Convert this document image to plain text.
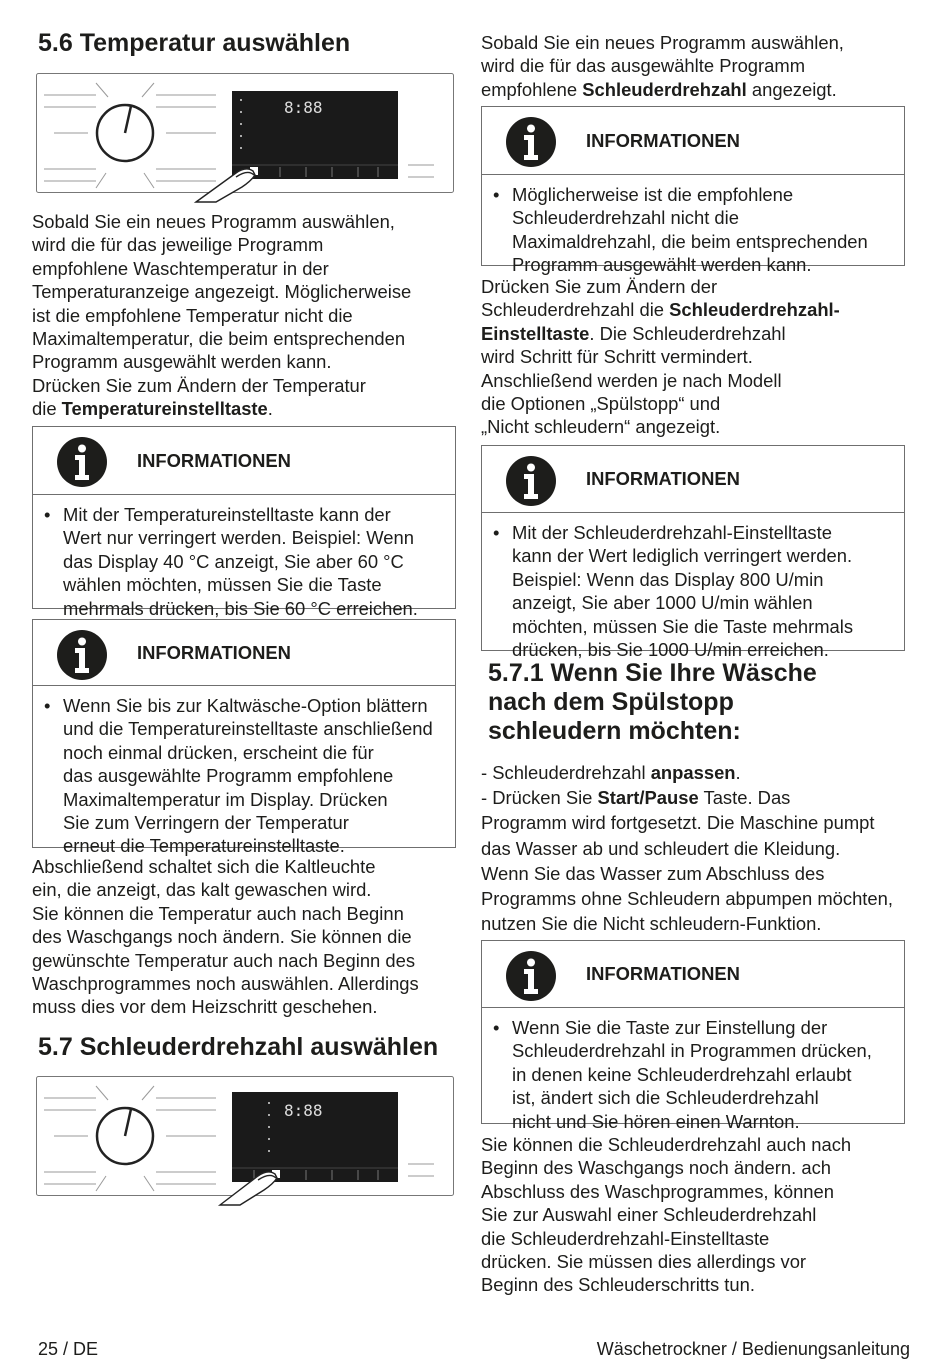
5.6 Temperatur auswählen
8:88

Sobald Sie ein neues Programm auswählen,
wird die für das jeweilige Programm
empfohlene Waschtemperatur in der
Temperaturanzeige angezeigt. Möglicherweise
ist die empfohlene Temperatur nicht die
Maximaltemperatur, die beim entsprechenden
Programm ausgewählt werden kann.
Drücken Sie zum Ändern der Temperatur
die Temperatureinstelltaste.

INFORMATIONEN
• Mit der Temperatureinstelltaste kann der
Wert nur verringert werden. Beispiel: Wenn
das Display 40 °C anzeigt, Sie aber 60 °C
wählen möchten, müssen Sie die Taste
mehrmals drücken, bis Sie 60 °C erreichen.
INFORMATIONEN
• Wenn Sie bis zur Kaltwäsche-Option blättern
und die Temperatureinstelltaste anschließend
noch einmal drücken, erscheint die für
das ausgewählte Programm empfohlene
Maximaltemperatur im Display. Drücken
Sie zum Verringern der Temperatur
erneut die Temperatureinstelltaste.

Abschließend schaltet sich die Kaltleuchte
ein, die anzeigt, das kalt gewaschen wird.
Sie können die Temperatur auch nach Beginn
des Waschgangs noch ändern. Sie können die
gewünschte Temperatur auch nach Beginn des
Waschprogrammes noch auswählen. Allerdings
muss dies vor dem Heizschritt geschehen.

5.7 Schleuderdrehzahl auswählen
8:88

Sobald Sie ein neues Programm auswählen,
wird die für das ausgewählte Programm
empfohlene Schleuderdrehzahl angezeigt.

INFORMATIONEN
• Möglicherweise ist die empfohlene
Schleuderdrehzahl nicht die
Maximaldrehzahl, die beim entsprechenden
Programm ausgewählt werden kann.

Drücken Sie zum Ändern der
Schleuderdrehzahl die Schleuderdrehzahl-
Einstelltaste. Die Schleuderdrehzahl
wird Schritt für Schritt vermindert.
Anschließend werden je nach Modell
die Optionen „Spülstopp“ und
„Nicht schleudern“ angezeigt.

INFORMATIONEN
• Mit der Schleuderdrehzahl-Einstelltaste
kann der Wert lediglich verringert werden.
Beispiel: Wenn das Display 800 U/min
anzeigt, Sie aber 1000 U/min wählen
möchten, müssen Sie die Taste mehrmals
drücken, bis Sie 1000 U/min erreichen.
5.7.1 Wenn Sie Ihre Wäsche
nach dem Spülstopp
schleudern möchten:

- Schleuderdrehzahl anpassen.
- Drücken Sie Start/Pause Taste. Das
Programm wird fortgesetzt. Die Maschine pumpt
das Wasser ab und schleudert die Kleidung.
Wenn Sie das Wasser zum Abschluss des
Programms ohne Schleudern abpumpen möchten,
nutzen Sie die Nicht schleudern-Funktion.

INFORMATIONEN
• Wenn Sie die Taste zur Einstellung der
Schleuderdrehzahl in Programmen drücken,
in denen keine Schleuderdrehzahl erlaubt
ist, ändert sich die Schleuderdrehzahl
nicht und Sie hören einen Warnton.

Sie können die Schleuderdrehzahl auch nach
Beginn des Waschgangs noch ändern. ach
Abschluss des Waschprogrammes, können
Sie zur Auswahl einer Schleuderdrehzahl
die Schleuderdrehzahl-Einstelltaste
drücken. Sie müssen dies allerdings vor
Beginn des Schleuderschritts tun.

25 / DE	Wäschetrockner / Bedienungsanleitung
